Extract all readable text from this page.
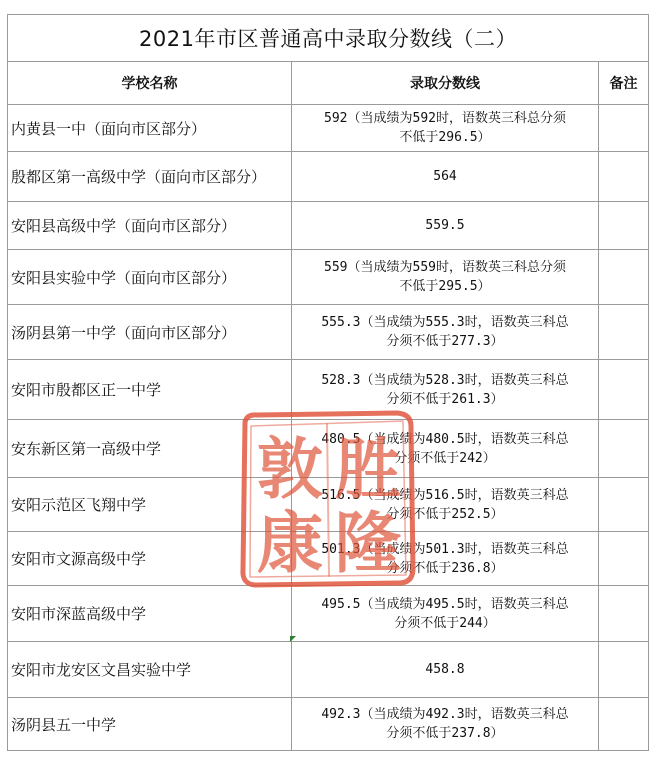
2021年市区普通高中录取分数线（二）		
学校名称	录取分数线	备注
内黄县一中（面向市区部分）	592（当成绩为592时，语数英三科总分须
不低于296.5）	
殷都区第一高级中学（面向市区部分）	564	
安阳县高级中学（面向市区部分）	559.5	
安阳县实验中学（面向市区部分）	559（当成绩为559时，语数英三科总分须
不低于295.5）	
汤阴县第一中学（面向市区部分）	555.3（当成绩为555.3时，语数英三科总
分须不低于277.3）	
安阳市殷都区正一中学	528.3（当成绩为528.3时，语数英三科总
分须不低于261.3）	
安东新区第一高级中学	480.5（当成绩为480.5时，语数英三科总
分须不低于242）	
安阳示范区飞翔中学	516.5（当成绩为516.5时，语数英三科总
分须不低于252.5）	
安阳市文源高级中学	501.3（当成绩为501.3时，语数英三科总
分须不低于236.8）	
安阳市深蓝高级中学	495.5（当成绩为495.5时，语数英三科总
分须不低于244）	
安阳市龙安区文昌实验中学	458.8	
汤阴县五一中学	492.3（当成绩为492.3时，语数英三科总
分须不低于237.8）	
敦
康
胜
隆
